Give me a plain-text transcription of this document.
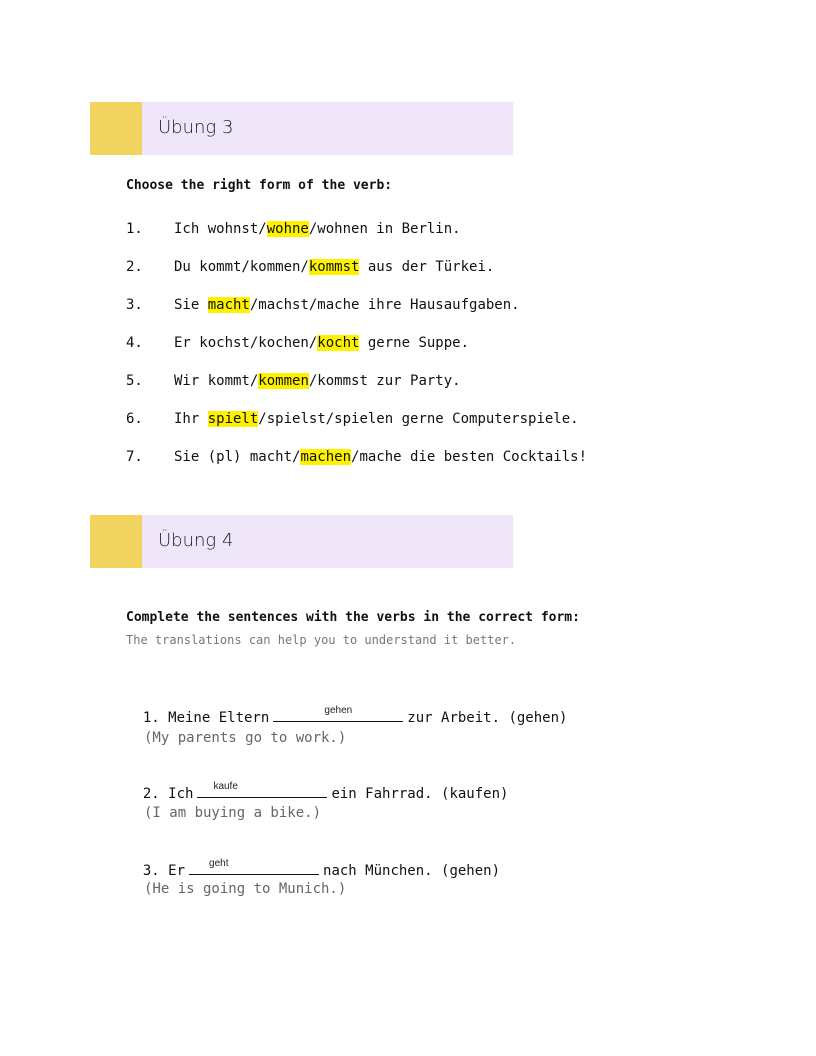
Übung 3
Choose the right form of the verb:

1.

Ich wohnst/wohne/wohnen in Berlin.

2.

Du kommt/kommen/kommst aus der Türkei.

3.

Sie macht/machst/mache ihre Hausaufgaben.

4.

Er kochst/kochen/kocht gerne Suppe.

5.

Wir kommt/kommen/kommst zur Party.

6.

Ihr spielt/spielst/spielen gerne Computerspiele.

7.

Sie (pl) macht/machen/mache die besten Cocktails!

Übung 4
Complete the sentences with the verbs in the correct form:
The translations can help you to understand it better.

1. Meine Eltern	gehen	zur Arbeit. (gehen)

(My parents go to work.)

2. Ich kaufe	ein Fahrrad. (kaufen)

(I am buying a bike.)

3. Er geht	nach München. (gehen)

(He is going to Munich.)
